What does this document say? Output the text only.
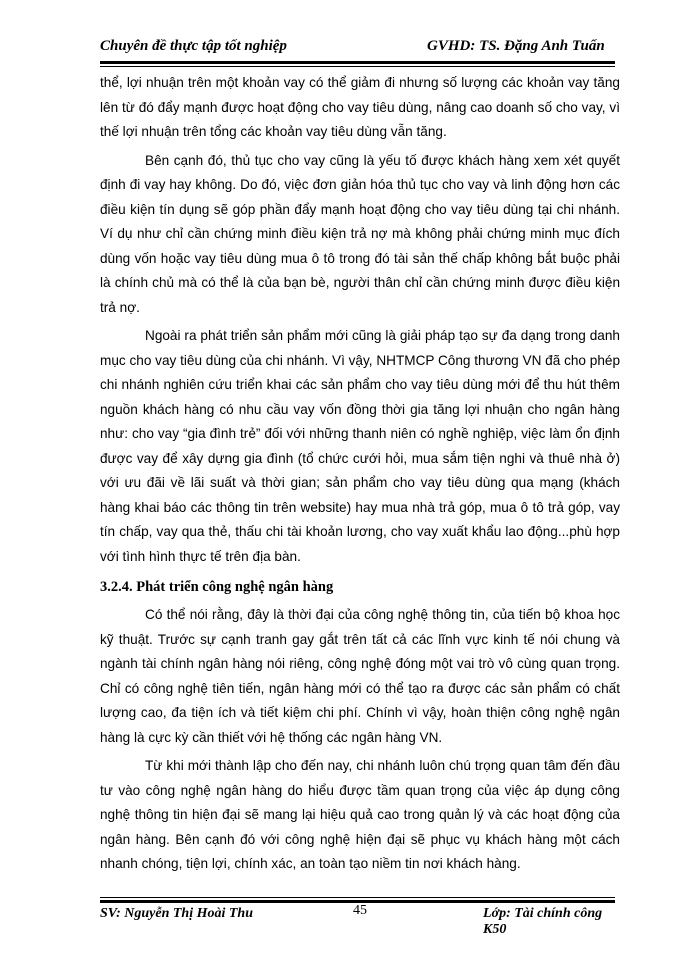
Chuyên đề thực tập tốt nghiệp	GVHD: TS. Đặng Anh Tuấn

thể, lợi nhuận trên một khoản vay có thể giảm đi nhưng số lượng các khoản vay tăng lên từ đó đẩy mạnh được hoạt động cho vay tiêu dùng, nâng cao doanh số cho vay, vì thế lợi nhuận trên tổng các khoản vay tiêu dùng vẫn tăng.

Bên cạnh đó, thủ tục cho vay cũng là yếu tố được khách hàng xem xét quyết định đi vay hay không. Do đó, việc đơn giản hóa thủ tục cho vay và linh động hơn các điều kiện tín dụng sẽ góp phần đẩy mạnh hoạt động cho vay tiêu dùng tại chi nhánh. Ví dụ như chỉ cần chứng minh điều kiện trả nợ mà không phải chứng minh mục đích dùng vốn hoặc vay tiêu dùng mua ô tô trong đó tài sản thế chấp không bắt buộc phải là chính chủ mà có thể là của bạn bè, người thân chỉ cần chứng minh được điều kiện trả nợ.

Ngoài ra phát triển sản phẩm mới cũng là giải pháp tạo sự đa dạng trong danh mục cho vay tiêu dùng của chi nhánh. Vì vậy, NHTMCP Công thương VN đã cho phép chi nhánh nghiên cứu triển khai các sản phẩm cho vay tiêu dùng mới để thu hút thêm nguồn khách hàng có nhu cầu vay vốn đồng thời gia tăng lợi nhuận cho ngân hàng như: cho vay “gia đình trẻ” đối với những thanh niên có nghề nghiệp, việc làm ổn định được vay để xây dựng gia đình (tổ chức cưới hỏi, mua sắm tiện nghi và thuê nhà ở) với ưu đãi về lãi suất và thời gian; sản phẩm cho vay tiêu dùng qua mạng (khách hàng khai báo các thông tin trên website) hay mua nhà trả góp, mua ô tô trả góp, vay tín chấp, vay qua thẻ, thấu chi tài khoản lương, cho vay xuất khẩu lao động...phù hợp với tình hình thực tế trên địa bàn.

3.2.4. Phát triển công nghệ ngân hàng

Có thể nói rằng, đây là thời đại của công nghệ thông tin, của tiến bộ khoa học kỹ thuật. Trước sự cạnh tranh gay gắt trên tất cả các lĩnh vực kinh tế nói chung và ngành tài chính ngân hàng nói riêng, công nghệ đóng một vai trò vô cùng quan trọng. Chỉ có công nghệ tiên tiến, ngân hàng mới có thể tạo ra được các sản phẩm có chất lượng cao, đa tiện ích và tiết kiệm chi phí. Chính vì vậy, hoàn thiện công nghệ ngân hàng là cực kỳ cần thiết với hệ thống các ngân hàng VN.

Từ khi mới thành lập cho đến nay, chi nhánh luôn chú trọng quan tâm đến đầu tư vào công nghệ ngân hàng do hiểu được tầm quan trọng của việc áp dụng công nghệ thông tin hiện đại sẽ mang lại hiệu quả cao trong quản lý và các hoạt động của ngân hàng. Bên cạnh đó với công nghệ hiện đại sẽ phục vụ khách hàng một cách nhanh chóng, tiện lợi, chính xác, an toàn tạo niềm tin nơi khách hàng.

SV: Nguyễn Thị Hoài Thu	45	Lớp: Tài chính công K50
